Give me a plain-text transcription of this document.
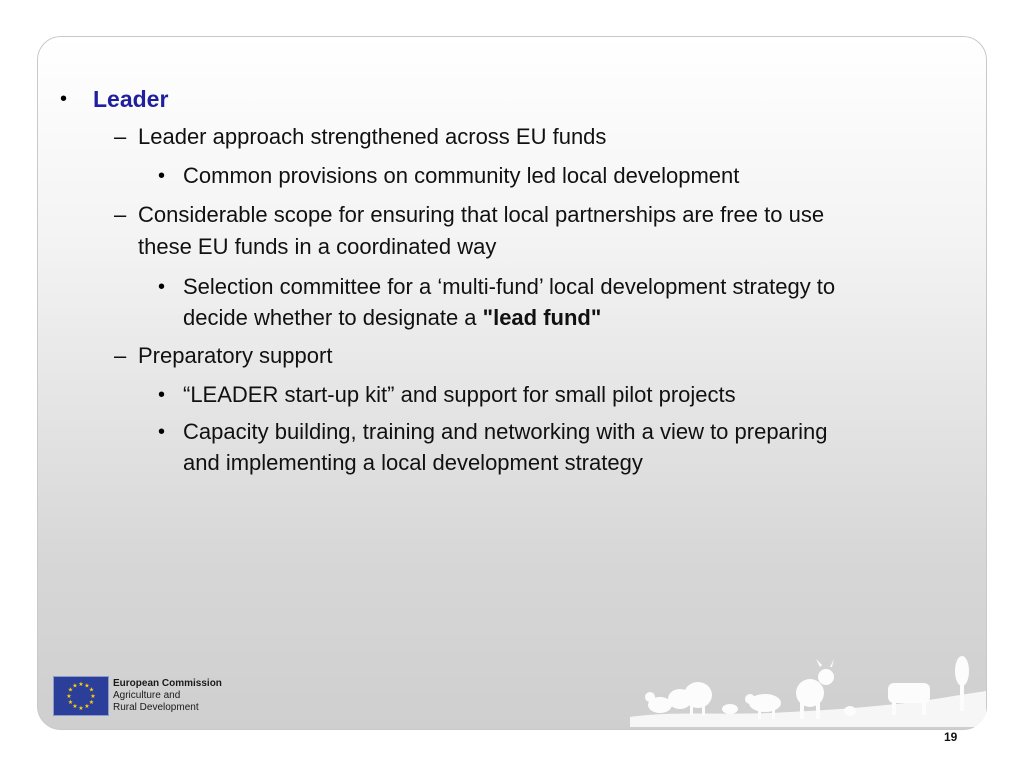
• Leader
– Leader approach strengthened across EU funds
• Common provisions on community led local development
– Considerable scope for ensuring that local partnerships are free to use
these EU funds in a coordinated way
• Selection committee for a ‘multi-fund’ local development strategy to
decide whether to designate a "lead fund"
– Preparatory support
• “LEADER start-up kit” and support for small pilot projects
• Capacity building, training and networking with a view to preparing
and implementing a local development strategy
★ ★
★
★
★
★
★
★
★
★
★
★	European Commission
Agriculture and
Rural Development
19
